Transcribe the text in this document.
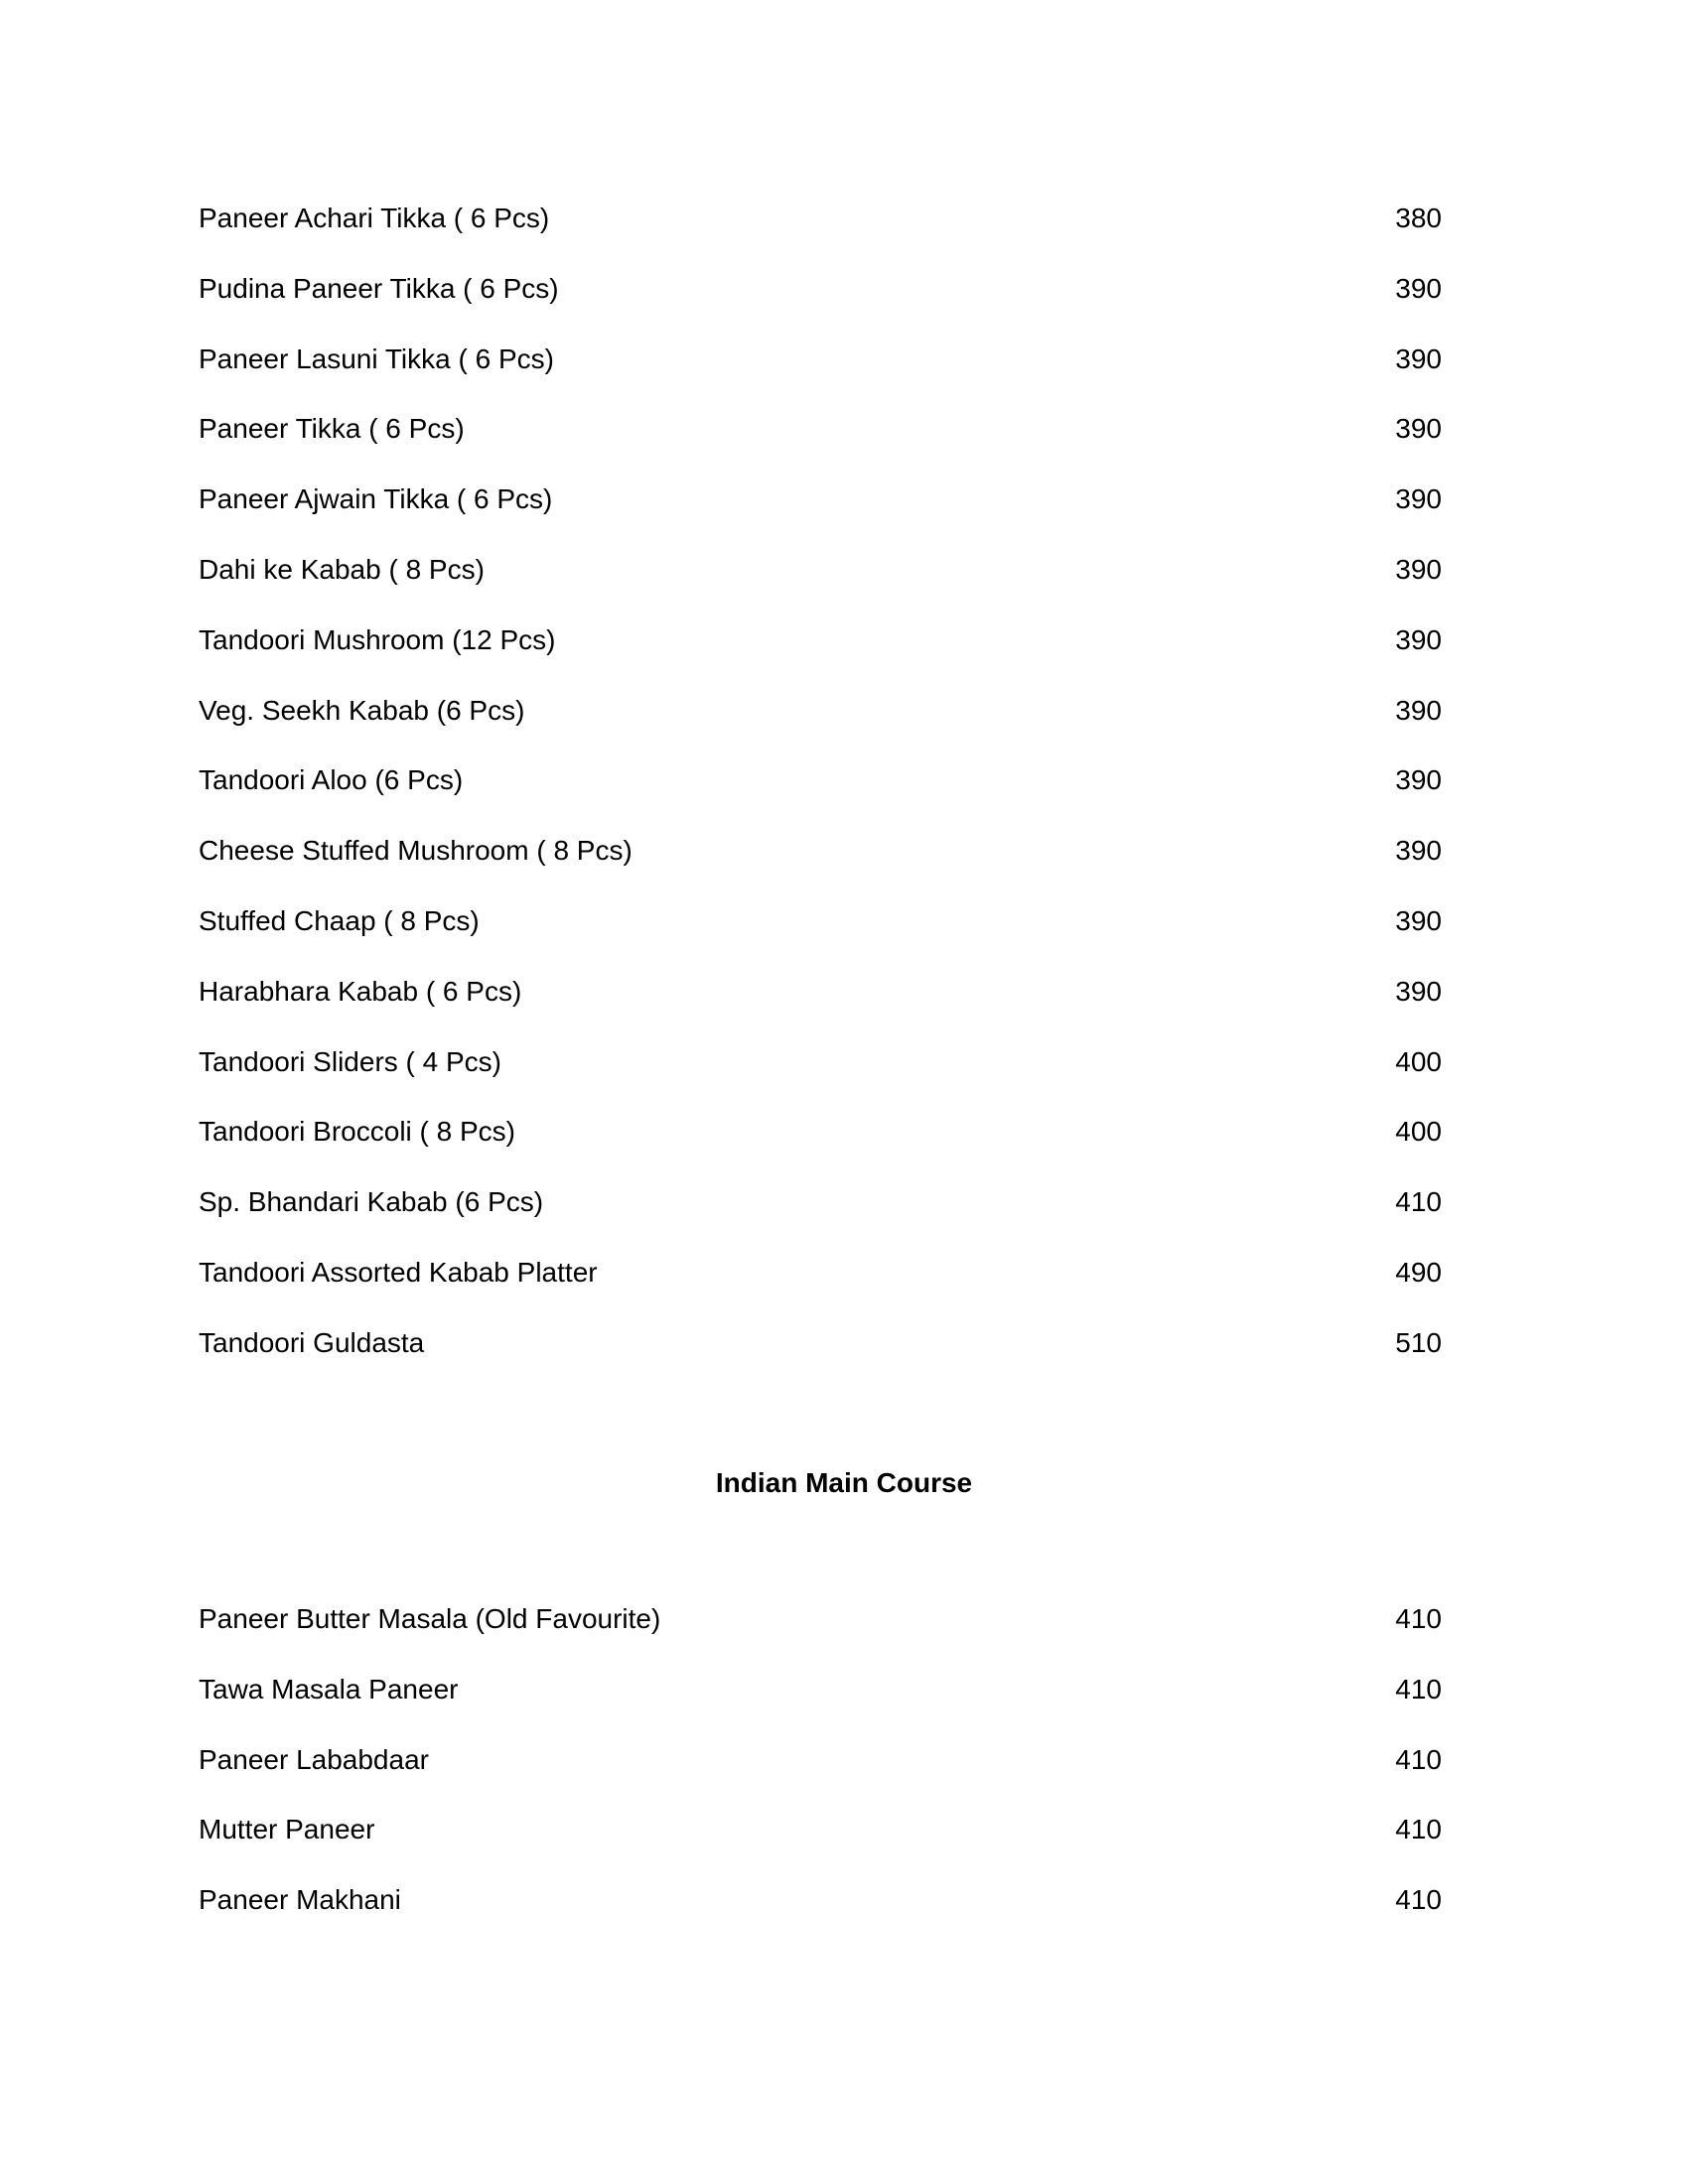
Paneer Achari Tikka ( 6 Pcs)	380
Pudina Paneer Tikka ( 6 Pcs)	390
Paneer Lasuni Tikka ( 6 Pcs)	390
Paneer Tikka ( 6 Pcs)	390
Paneer Ajwain Tikka ( 6 Pcs)	390
Dahi ke Kabab ( 8 Pcs)	390
Tandoori Mushroom (12 Pcs)	390
Veg. Seekh Kabab (6 Pcs)	390
Tandoori Aloo (6 Pcs)	390
Cheese Stuffed Mushroom ( 8 Pcs)	390
Stuffed Chaap ( 8 Pcs)	390
Harabhara Kabab ( 6 Pcs)	390
Tandoori Sliders ( 4 Pcs)	400
Tandoori Broccoli ( 8 Pcs)	400
Sp. Bhandari Kabab (6 Pcs)	410
Tandoori Assorted Kabab Platter	490
Tandoori Guldasta	510
Indian Main Course
Paneer Butter Masala (Old Favourite)	410
Tawa Masala Paneer	410
Paneer Lababdaar	410
Mutter Paneer	410
Paneer Makhani	410
